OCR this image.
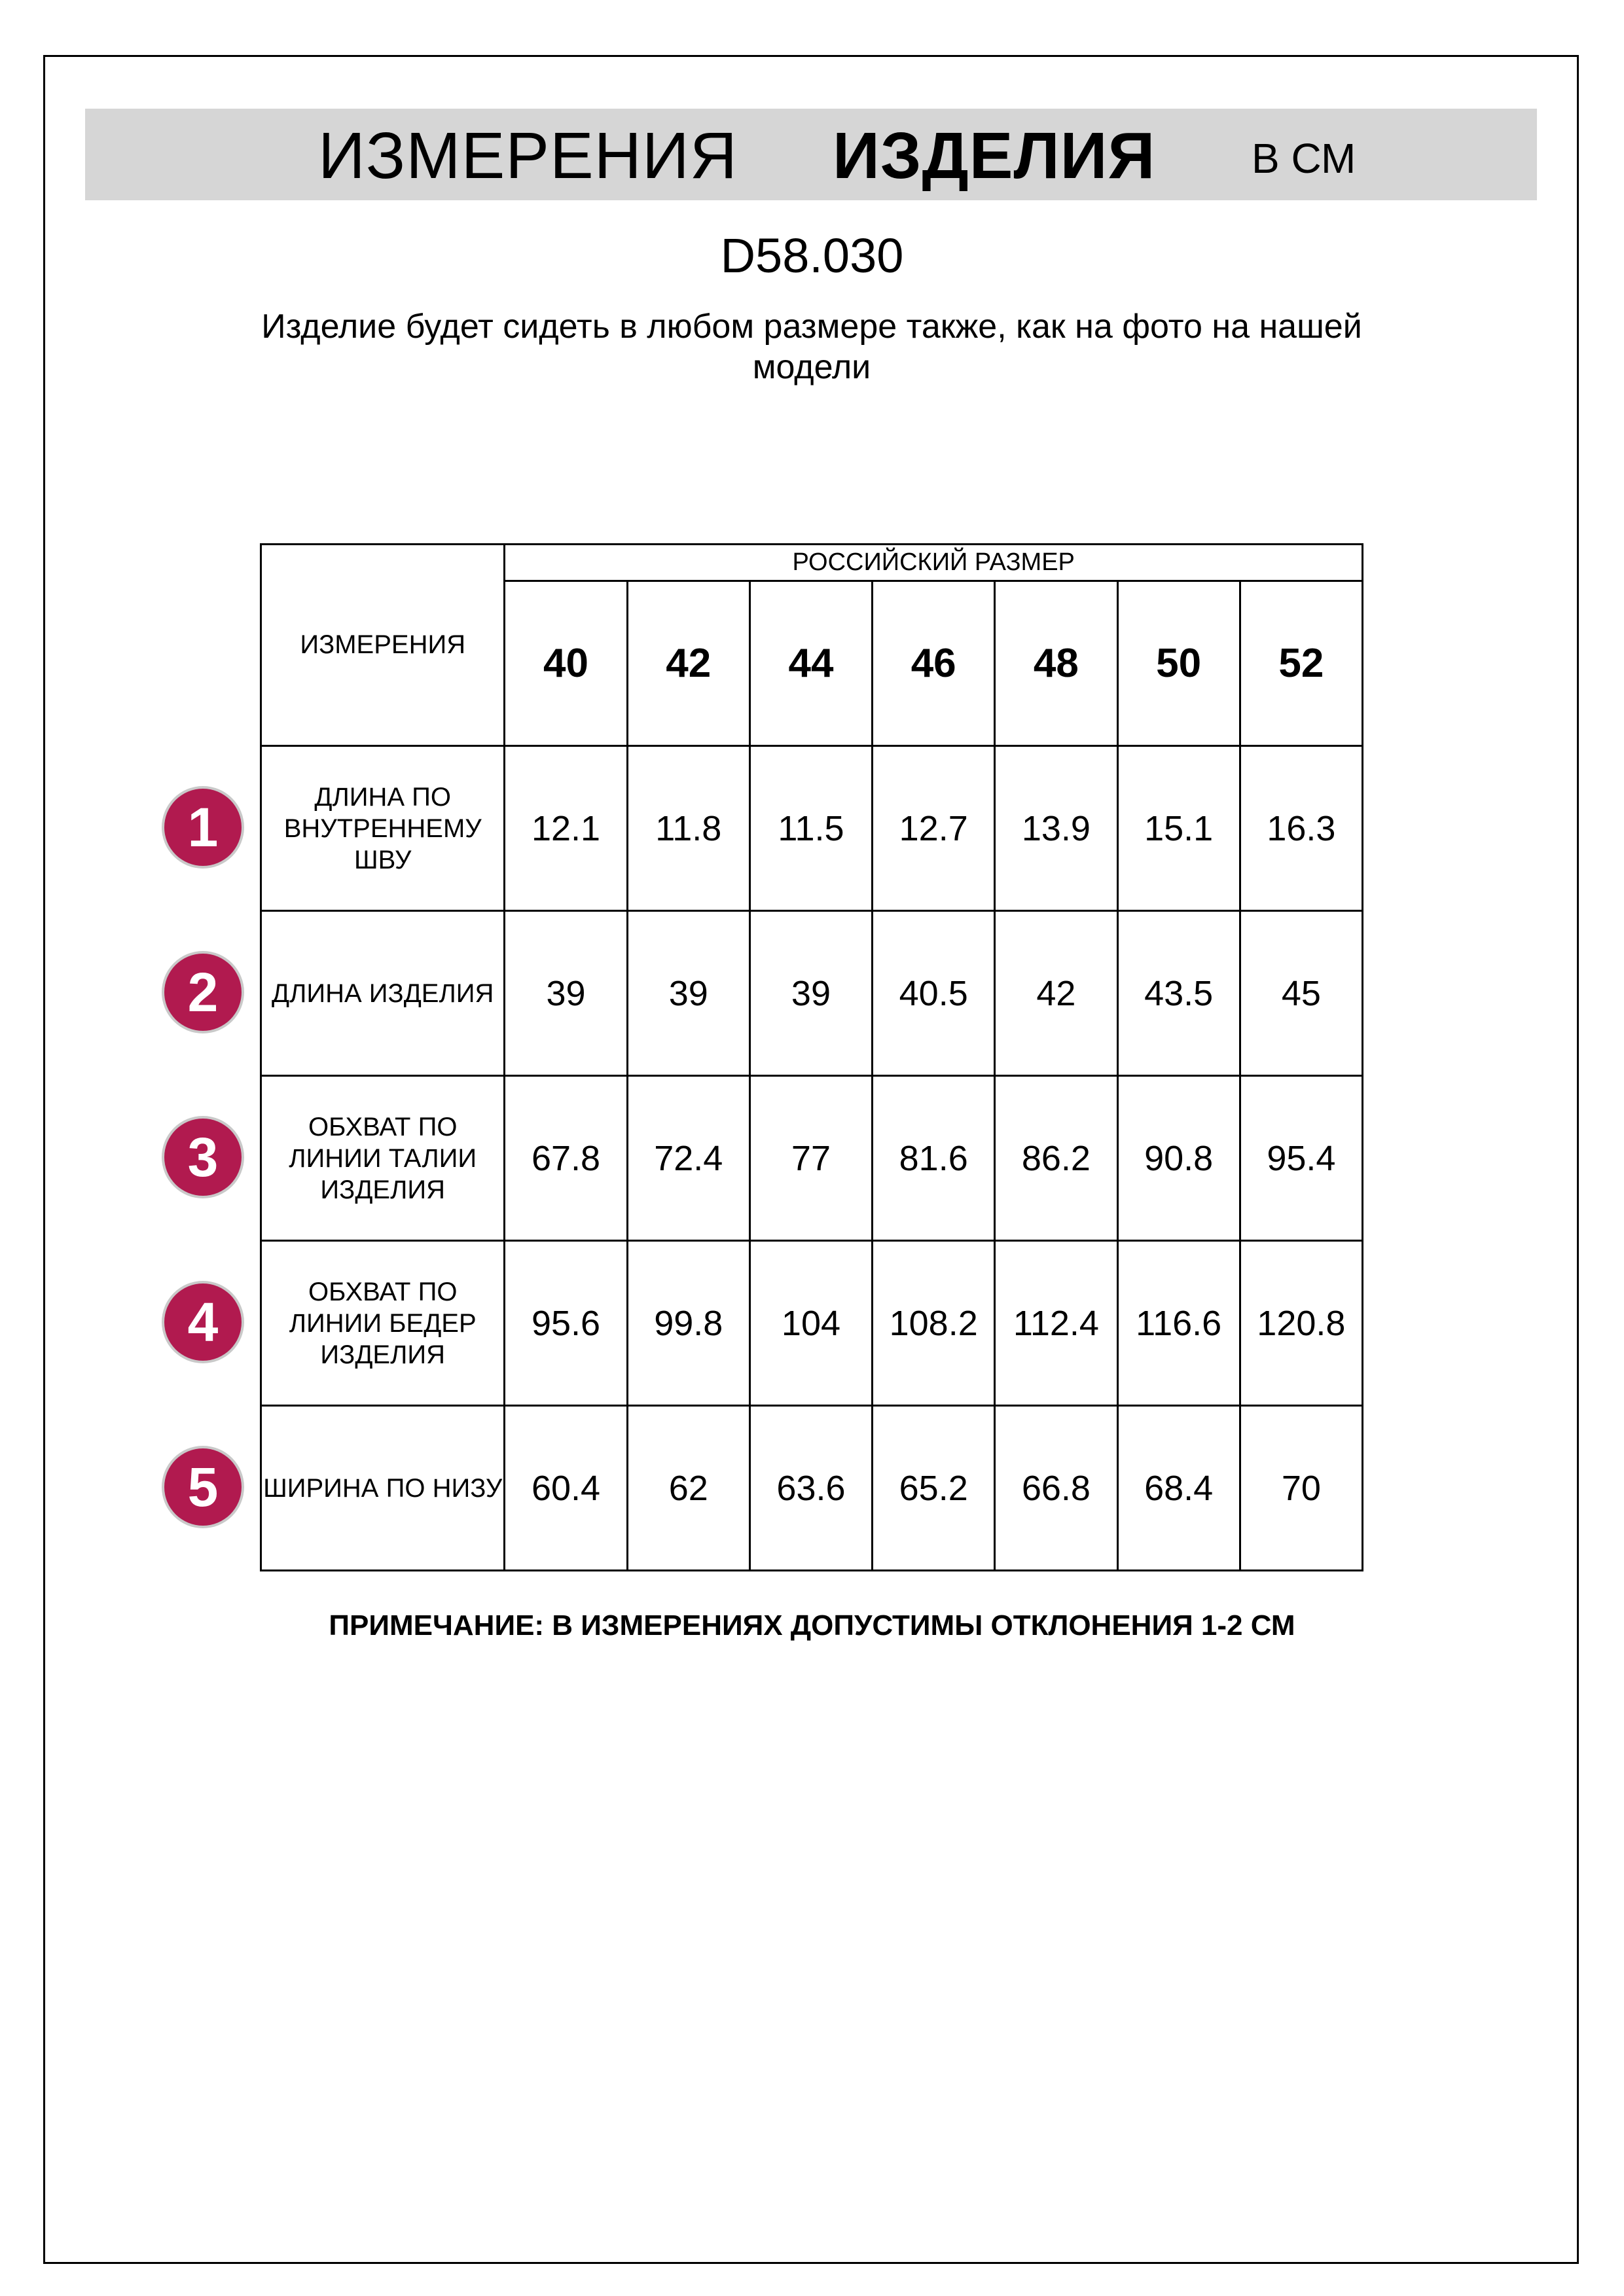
ИЗМЕРЕНИЯ ИЗДЕЛИЯ В СМ
D58.030
Изделие будет сидеть в любом размере также, как на фото на нашей модели
ИЗМЕРЕНИЯ	РОССИЙСКИЙ РАЗМЕР						
	40	42	44	46	48	50	52
ДЛИНА ПО ВНУТРЕННЕМУ ШВУ	12.1	11.8	11.5	12.7	13.9	15.1	16.3
ДЛИНА ИЗДЕЛИЯ	39	39	39	40.5	42	43.5	45
ОБХВАТ ПО ЛИНИИ ТАЛИИ ИЗДЕЛИЯ	67.8	72.4	77	81.6	86.2	90.8	95.4
ОБХВАТ ПО ЛИНИИ БЕДЕР ИЗДЕЛИЯ	95.6	99.8	104	108.2	112.4	116.6	120.8
ШИРИНА ПО НИЗУ	60.4	62	63.6	65.2	66.8	68.4	70
1
2
3
4
5
ПРИМЕЧАНИЕ: В ИЗМЕРЕНИЯХ ДОПУСТИМЫ ОТКЛОНЕНИЯ 1-2 СМ
